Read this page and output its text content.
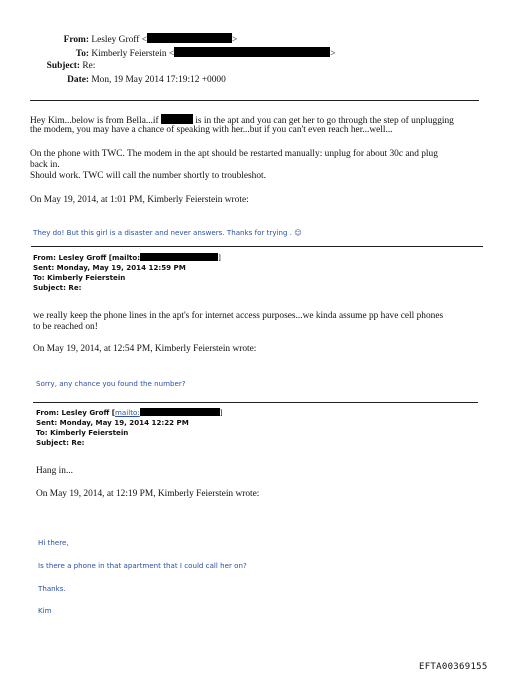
From: Lesley Groff <	>
To: Kimberly Feierstein <	>
Subject: Re:
Date: Mon, 19 May 2014 17:19:12 +0000
Hey Kim...below is from Bella...if	is in the apt and you can get her to go through the step of unplugging
the modem, you may have a chance of speaking with her...but if you can't even reach her...well...
On the phone with TWC. The modem in the apt should be restarted manually: unplug for about 30c and plug
back in.
Should work. TWC will call the number shortly to troubleshot.
On May 19, 2014, at 1:01 PM, Kimberly Feierstein wrote:
They do! But this girl is a disaster and never answers. Thanks for trying . ☺
From: Lesley Groff [mailto:	]
Sent: Monday, May 19, 2014 12:59 PM
To: Kimberly Feierstein
Subject: Re:
we really keep the phone lines in the apt's for internet access purposes...we kinda assume pp have cell phones
to be reached on!
On May 19, 2014, at 12:54 PM, Kimberly Feierstein wrote:
Sorry, any chance you found the number?
From: Lesley Groff [mailto:	]
Sent: Monday, May 19, 2014 12:22 PM
To: Kimberly Feierstein
Subject: Re:
Hang in...
On May 19, 2014, at 12:19 PM, Kimberly Feierstein wrote:
Hi there,
Is there a phone in that apartment that I could call her on?
Thanks.
Kim
EFTA00369155
